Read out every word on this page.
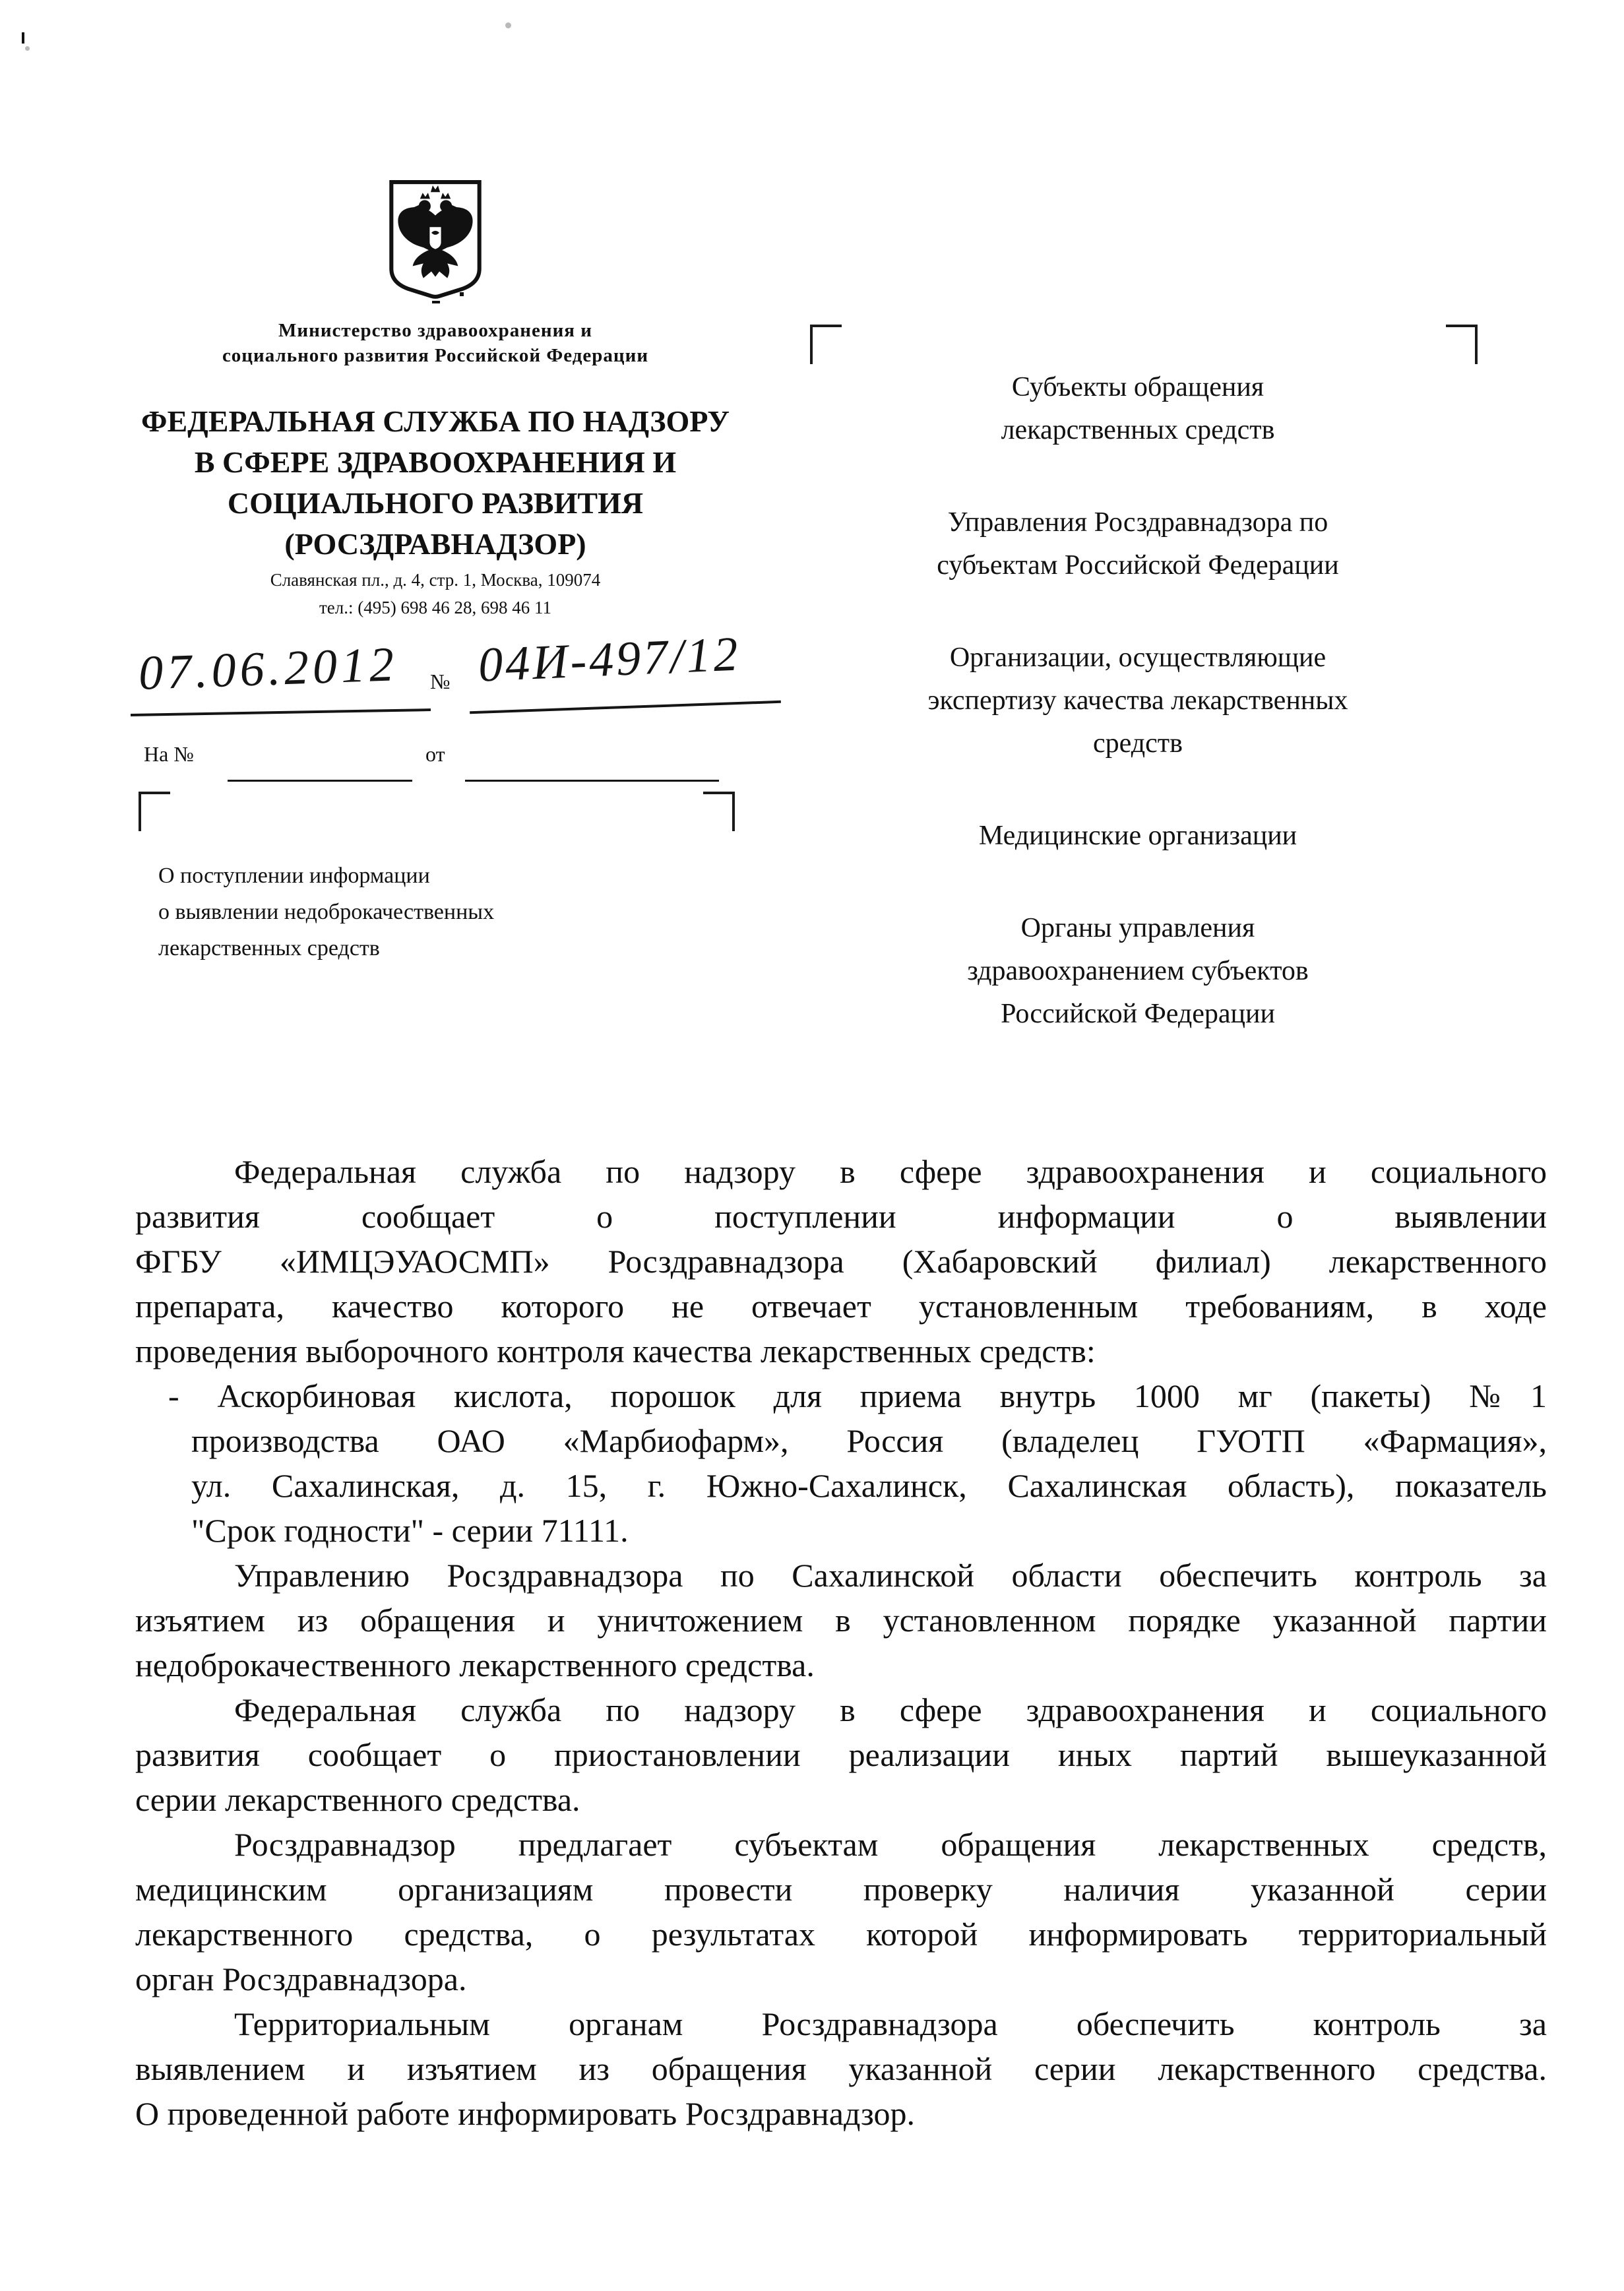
Министерство здравоохранения и
социального развития Российской Федерации
ФЕДЕРАЛЬНАЯ СЛУЖБА ПО НАДЗОРУ
В СФЕРЕ ЗДРАВООХРАНЕНИЯ И
СОЦИАЛЬНОГО РАЗВИТИЯ
(РОСЗДРАВНАДЗОР)
Славянская пл., д. 4, стр. 1, Москва, 109074
тел.: (495) 698 46 28, 698 46 11
07.06.2012 № 04И-497/12
На №	от
О поступлении информации
о выявлении недоброкачественных
лекарственных средств
Субъекты обращения
лекарственных средств
Управления Росздравнадзора по
субъектам Российской Федерации
Организации, осуществляющие
экспертизу качества лекарственных
средств
Медицинские организации
Органы управления
здравоохранением субъектов
Российской Федерации
Федеральная служба по надзору в сфере здравоохранения и социального
развития сообщает о поступлении информации о выявлении
ФГБУ «ИМЦЭУАОСМП» Росздравнадзора (Хабаровский филиал) лекарственного
препарата, качество которого не отвечает установленным требованиям, в ходе
проведения выборочного контроля качества лекарственных средств:
- Аскорбиновая кислота, порошок для приема внутрь 1000 мг (пакеты) №1
производства ОАО «Марбиофарм», Россия (владелец ГУОТП «Фармация»,
ул. Сахалинская, д. 15, г. Южно-Сахалинск, Сахалинская область), показатель
"Срок годности" - серии 71111.
Управлению Росздравнадзора по Сахалинской области обеспечить контроль за
изъятием из обращения и уничтожением в установленном порядке указанной партии
недоброкачественного лекарственного средства.
Федеральная служба по надзору в сфере здравоохранения и социального
развития сообщает о приостановлении реализации иных партий вышеуказанной
серии лекарственного средства.
Росздравнадзор предлагает субъектам обращения лекарственных средств,
медицинским организациям провести проверку наличия указанной серии
лекарственного средства, о результатах которой информировать территориальный
орган Росздравнадзора.
Территориальным органам Росздравнадзора обеспечить контроль за
выявлением и изъятием из обращения указанной серии лекарственного средства.
О проведенной работе информировать Росздравнадзор.
